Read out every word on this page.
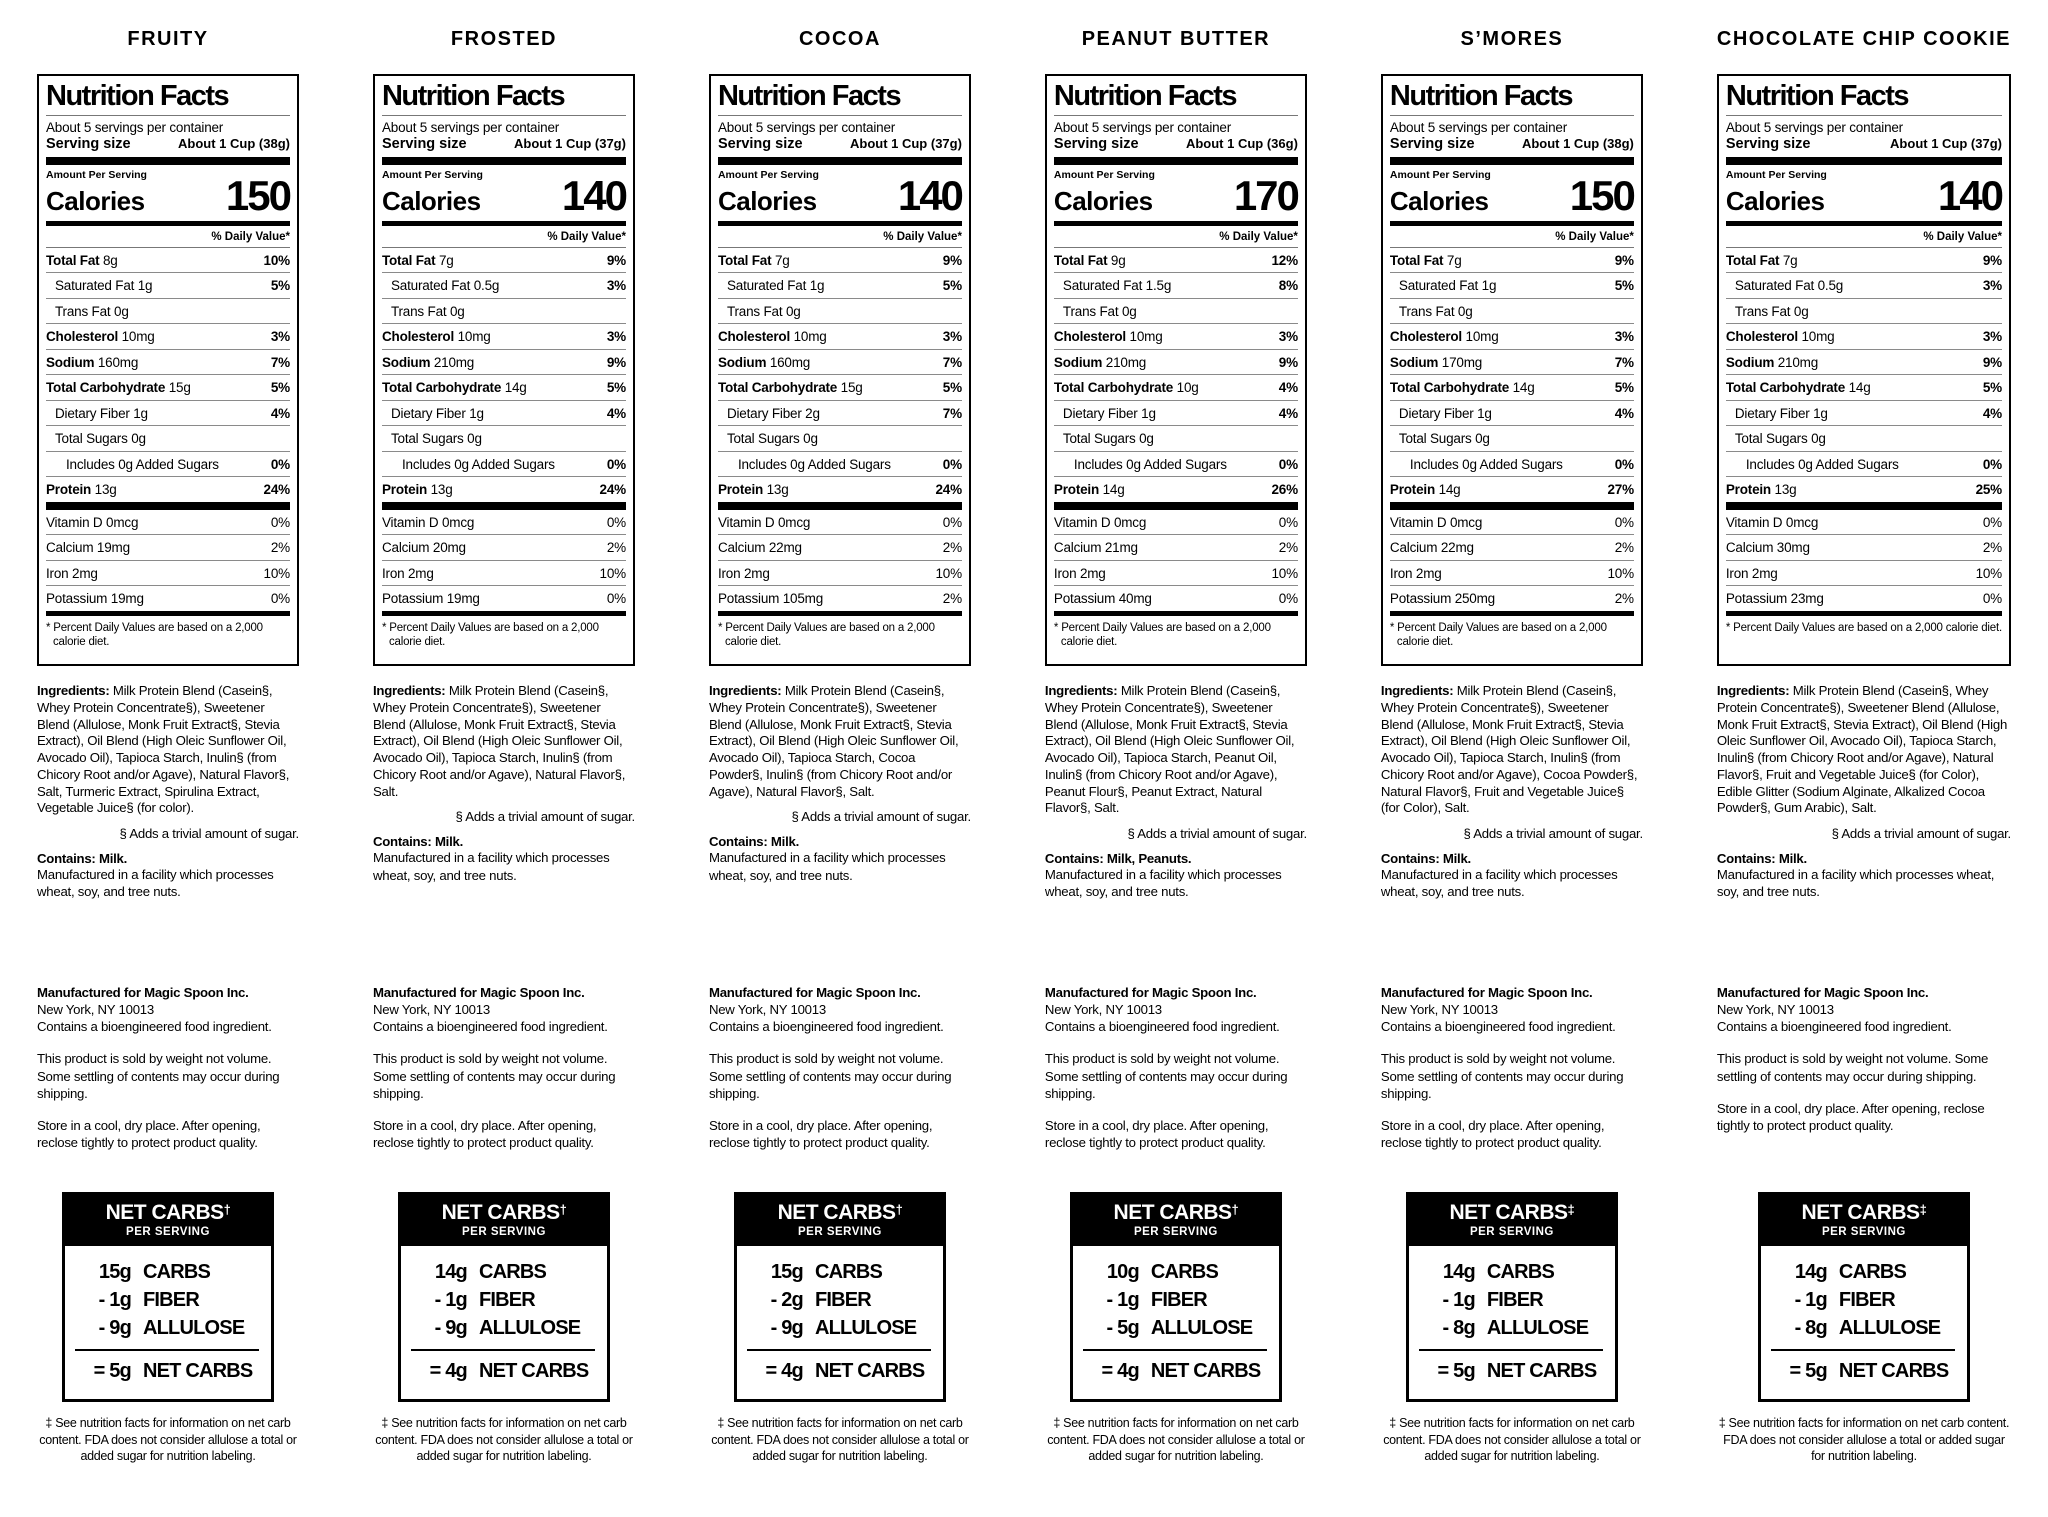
FRUITY
Nutrition Facts
About 5 servings per container
Serving size	About 1 Cup (38g)
Amount Per Serving
Calories 150
% Daily Value*
Total Fat 8g	10%
Saturated Fat 1g	5%
Trans Fat 0g
Cholesterol 10mg	3%
Sodium 160mg	7%
Total Carbohydrate 15g	5%
Dietary Fiber 1g	4%
Total Sugars 0g
Includes 0g Added Sugars	0%
Protein 13g	24%
Vitamin D 0mcg	0%
Calcium 19mg	2%
Iron 2mg	10%
Potassium 19mg	0%
* Percent Daily Values are based on a 2,000 calorie diet.

Ingredients: Milk Protein Blend (Casein§, Whey Protein Concentrate§), Sweetener Blend (Allulose, Monk Fruit Extract§, Stevia Extract), Oil Blend (High Oleic Sunflower Oil, Avocado Oil), Tapioca Starch, Inulin§ (from Chicory Root and/or Agave), Natural Flavor§, Salt, Turmeric Extract, Spirulina Extract, Vegetable Juice§ (for color).

§ Adds a trivial amount of sugar.

Contains: Milk.

Manufactured in a facility which processes wheat, soy, and tree nuts.

Manufactured for Magic Spoon Inc.

New York, NY 10013

Contains a bioengineered food ingredient.

This product is sold by weight not volume. Some settling of contents may occur during shipping.

Store in a cool, dry place. After opening, reclose tightly to protect product quality.

NET CARBS†
PER SERVING
15g CARBS
- 1g FIBER
- 9g ALLULOSE
= 5g NET CARBS

‡ See nutrition facts for information on net carb content. FDA does not consider allulose a total or added sugar for nutrition labeling.

FROSTED
Nutrition Facts
About 5 servings per container
Serving size	About 1 Cup (37g)
Amount Per Serving
Calories 140
% Daily Value*
Total Fat 7g	9%
Saturated Fat 0.5g	3%
Trans Fat 0g
Cholesterol 10mg	3%
Sodium 210mg	9%
Total Carbohydrate 14g	5%
Dietary Fiber 1g	4%
Total Sugars 0g
Includes 0g Added Sugars	0%
Protein 13g	24%
Vitamin D 0mcg	0%
Calcium 20mg	2%
Iron 2mg	10%
Potassium 19mg	0%
* Percent Daily Values are based on a 2,000 calorie diet.

Ingredients: Milk Protein Blend (Casein§, Whey Protein Concentrate§), Sweetener Blend (Allulose, Monk Fruit Extract§, Stevia Extract), Oil Blend (High Oleic Sunflower Oil, Avocado Oil), Tapioca Starch, Inulin§ (from Chicory Root and/or Agave), Natural Flavor§, Salt.

§ Adds a trivial amount of sugar.

Contains: Milk.

Manufactured in a facility which processes wheat, soy, and tree nuts.

Manufactured for Magic Spoon Inc.

New York, NY 10013

Contains a bioengineered food ingredient.

This product is sold by weight not volume. Some settling of contents may occur during shipping.

Store in a cool, dry place. After opening, reclose tightly to protect product quality.

NET CARBS†
PER SERVING
14g CARBS
- 1g FIBER
- 9g ALLULOSE
= 4g NET CARBS

‡ See nutrition facts for information on net carb content. FDA does not consider allulose a total or added sugar for nutrition labeling.

COCOA
Nutrition Facts
About 5 servings per container
Serving size	About 1 Cup (37g)
Amount Per Serving
Calories 140
% Daily Value*
Total Fat 7g	9%
Saturated Fat 1g	5%
Trans Fat 0g
Cholesterol 10mg	3%
Sodium 160mg	7%
Total Carbohydrate 15g	5%
Dietary Fiber 2g	7%
Total Sugars 0g
Includes 0g Added Sugars	0%
Protein 13g	24%
Vitamin D 0mcg	0%
Calcium 22mg	2%
Iron 2mg	10%
Potassium 105mg	2%
* Percent Daily Values are based on a 2,000 calorie diet.

Ingredients: Milk Protein Blend (Casein§, Whey Protein Concentrate§), Sweetener Blend (Allulose, Monk Fruit Extract§, Stevia Extract), Oil Blend (High Oleic Sunflower Oil, Avocado Oil), Tapioca Starch, Cocoa Powder§, Inulin§ (from Chicory Root and/or Agave), Natural Flavor§, Salt.

§ Adds a trivial amount of sugar.

Contains: Milk.

Manufactured in a facility which processes wheat, soy, and tree nuts.

Manufactured for Magic Spoon Inc.

New York, NY 10013

Contains a bioengineered food ingredient.

This product is sold by weight not volume. Some settling of contents may occur during shipping.

Store in a cool, dry place. After opening, reclose tightly to protect product quality.

NET CARBS†
PER SERVING
15g CARBS
- 2g FIBER
- 9g ALLULOSE
= 4g NET CARBS

‡ See nutrition facts for information on net carb content. FDA does not consider allulose a total or added sugar for nutrition labeling.

PEANUT BUTTER
Nutrition Facts
About 5 servings per container
Serving size	About 1 Cup (36g)
Amount Per Serving
Calories 170
% Daily Value*
Total Fat 9g	12%
Saturated Fat 1.5g	8%
Trans Fat 0g
Cholesterol 10mg	3%
Sodium 210mg	9%
Total Carbohydrate 10g	4%
Dietary Fiber 1g	4%
Total Sugars 0g
Includes 0g Added Sugars	0%
Protein 14g	26%
Vitamin D 0mcg	0%
Calcium 21mg	2%
Iron 2mg	10%
Potassium 40mg	0%
* Percent Daily Values are based on a 2,000 calorie diet.

Ingredients: Milk Protein Blend (Casein§, Whey Protein Concentrate§), Sweetener Blend (Allulose, Monk Fruit Extract§, Stevia Extract), Oil Blend (High Oleic Sunflower Oil, Avocado Oil), Tapioca Starch, Peanut Oil, Inulin§ (from Chicory Root and/or Agave), Peanut Flour§, Peanut Extract, Natural Flavor§, Salt.

§ Adds a trivial amount of sugar.

Contains: Milk, Peanuts.

Manufactured in a facility which processes wheat, soy, and tree nuts.

Manufactured for Magic Spoon Inc.

New York, NY 10013

Contains a bioengineered food ingredient.

This product is sold by weight not volume. Some settling of contents may occur during shipping.

Store in a cool, dry place. After opening, reclose tightly to protect product quality.

NET CARBS†
PER SERVING
10g CARBS
- 1g FIBER
- 5g ALLULOSE
= 4g NET CARBS

‡ See nutrition facts for information on net carb content. FDA does not consider allulose a total or added sugar for nutrition labeling.

S’MORES
Nutrition Facts
About 5 servings per container
Serving size	About 1 Cup (38g)
Amount Per Serving
Calories 150
% Daily Value*
Total Fat 7g	9%
Saturated Fat 1g	5%
Trans Fat 0g
Cholesterol 10mg	3%
Sodium 170mg	7%
Total Carbohydrate 14g	5%
Dietary Fiber 1g	4%
Total Sugars 0g
Includes 0g Added Sugars	0%
Protein 14g	27%
Vitamin D 0mcg	0%
Calcium 22mg	2%
Iron 2mg	10%
Potassium 250mg	2%
* Percent Daily Values are based on a 2,000 calorie diet.

Ingredients: Milk Protein Blend (Casein§, Whey Protein Concentrate§), Sweetener Blend (Allulose, Monk Fruit Extract§, Stevia Extract), Oil Blend (High Oleic Sunflower Oil, Avocado Oil), Tapioca Starch, Inulin§ (from Chicory Root and/or Agave), Cocoa Powder§, Natural Flavor§, Fruit and Vegetable Juice§ (for Color), Salt.

§ Adds a trivial amount of sugar.

Contains: Milk.

Manufactured in a facility which processes wheat, soy, and tree nuts.

Manufactured for Magic Spoon Inc.

New York, NY 10013

Contains a bioengineered food ingredient.

This product is sold by weight not volume. Some settling of contents may occur during shipping.

Store in a cool, dry place. After opening, reclose tightly to protect product quality.

NET CARBS‡
PER SERVING
14g CARBS
- 1g FIBER
- 8g ALLULOSE
= 5g NET CARBS

‡ See nutrition facts for information on net carb content. FDA does not consider allulose a total or added sugar for nutrition labeling.

CHOCOLATE CHIP COOKIE
Nutrition Facts
About 5 servings per container
Serving size	About 1 Cup (37g)
Amount Per Serving
Calories	140
% Daily Value*
Total Fat 7g	9%
Saturated Fat 0.5g	3%
Trans Fat 0g
Cholesterol 10mg	3%
Sodium 210mg	9%
Total Carbohydrate 14g	5%
Dietary Fiber 1g	4%
Total Sugars 0g
Includes 0g Added Sugars	0%
Protein 13g	25%
Vitamin D 0mcg	0%
Calcium 30mg	2%
Iron 2mg	10%
Potassium 23mg	0%
* Percent Daily Values are based on a 2,000 calorie diet.

Ingredients: Milk Protein Blend (Casein§, Whey Protein Concentrate§), Sweetener Blend (Allulose, Monk Fruit Extract§, Stevia Extract), Oil Blend (High Oleic Sunflower Oil, Avocado Oil), Tapioca Starch, Inulin§ (from Chicory Root and/or Agave), Natural Flavor§, Fruit and Vegetable Juice§ (for Color), Edible Glitter (Sodium Alginate, Alkalized Cocoa Powder§, Gum Arabic), Salt.

§ Adds a trivial amount of sugar.

Contains: Milk.

Manufactured in a facility which processes wheat, soy, and tree nuts.

Manufactured for Magic Spoon Inc.

New York, NY 10013

Contains a bioengineered food ingredient.

This product is sold by weight not volume. Some settling of contents may occur during shipping.

Store in a cool, dry place. After opening, reclose tightly to protect product quality.

NET CARBS‡
PER SERVING
14g CARBS
- 1g FIBER
- 8g ALLULOSE
= 5g NET CARBS

‡ See nutrition facts for information on net carb content. FDA does not consider allulose a total or added sugar for nutrition labeling.
